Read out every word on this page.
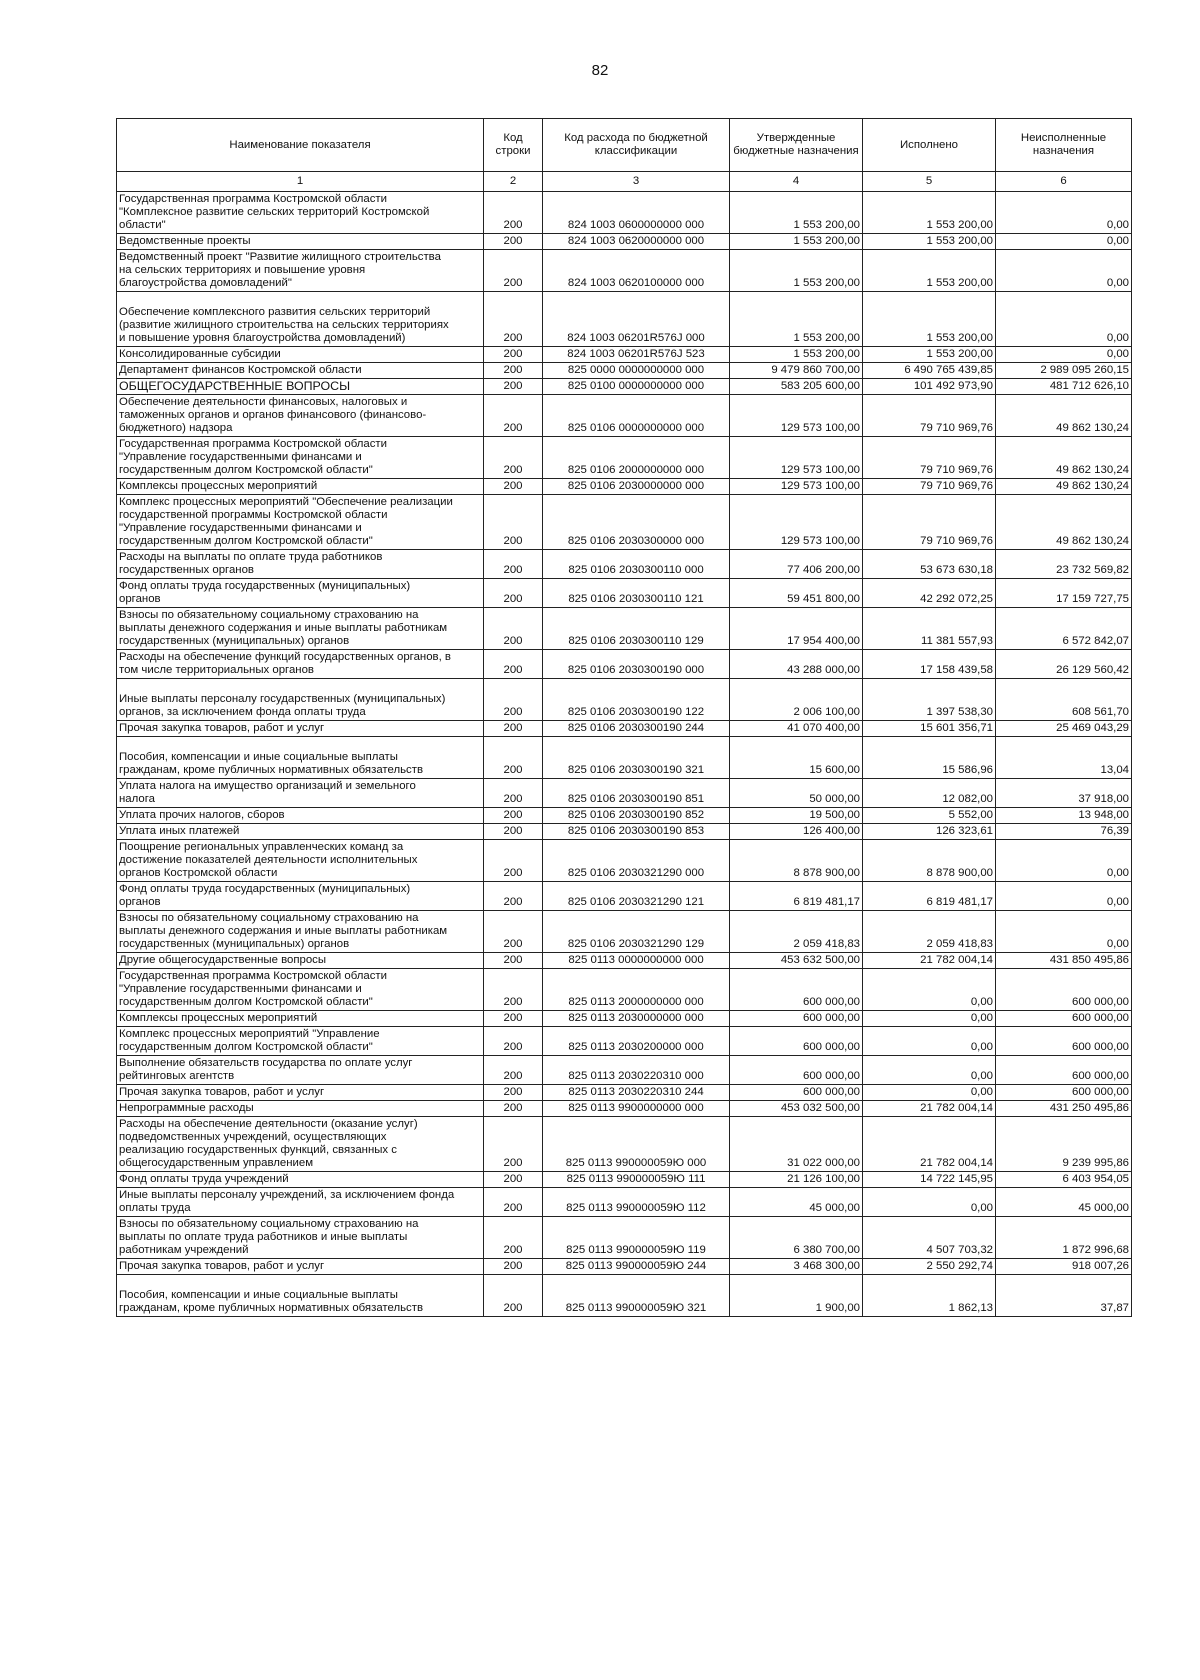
82
Наименование показателя	Код строки	Код расхода по бюджетной классификации	Утвержденные бюджетные назначения	Исполнено	Неисполненные назначения
1	2	3	4	5	6
Государственная программа Костромской области
"Комплексное развитие сельских территорий Костромской
области"	200	824 1003 0600000000 000	1 553 200,00	1 553 200,00	0,00
Ведомственные проекты	200	824 1003 0620000000 000	1 553 200,00	1 553 200,00	0,00
Ведомственный проект "Развитие жилищного строительства
на сельских территориях и повышение уровня
благоустройства домовладений"	200	824 1003 0620100000 000	1 553 200,00	1 553 200,00	0,00

Обеспечение комплексного развития сельских территорий
(развитие жилищного строительства на сельских территориях
и повышение уровня благоустройства домовладений)	200	824 1003 06201R576J 000	1 553 200,00	1 553 200,00	0,00
Консолидированные субсидии	200	824 1003 06201R576J 523	1 553 200,00	1 553 200,00	0,00
Департамент финансов Костромской области	200	825 0000 0000000000 000	9 479 860 700,00	6 490 765 439,85	2 989 095 260,15
ОБЩЕГОСУДАРСТВЕННЫЕ ВОПРОСЫ	200	825 0100 0000000000 000	583 205 600,00	101 492 973,90	481 712 626,10
Обеспечение деятельности финансовых, налоговых и
таможенных органов и органов финансового (финансово-
бюджетного) надзора	200	825 0106 0000000000 000	129 573 100,00	79 710 969,76	49 862 130,24
Государственная программа Костромской области
"Управление государственными финансами и
государственным долгом Костромской области"	200	825 0106 2000000000 000	129 573 100,00	79 710 969,76	49 862 130,24
Комплексы процессных мероприятий	200	825 0106 2030000000 000	129 573 100,00	79 710 969,76	49 862 130,24
Комплекс процессных мероприятий "Обеспечение реализации
государственной программы Костромской области
"Управление государственными финансами и
государственным долгом Костромской области"	200	825 0106 2030300000 000	129 573 100,00	79 710 969,76	49 862 130,24
Расходы на выплаты по оплате труда работников
государственных органов	200	825 0106 2030300110 000	77 406 200,00	53 673 630,18	23 732 569,82
Фонд оплаты труда государственных (муниципальных)
органов	200	825 0106 2030300110 121	59 451 800,00	42 292 072,25	17 159 727,75
Взносы по обязательному социальному страхованию на
выплаты денежного содержания и иные выплаты работникам
государственных (муниципальных) органов	200	825 0106 2030300110 129	17 954 400,00	11 381 557,93	6 572 842,07
Расходы на обеспечение функций государственных органов, в
том числе территориальных органов	200	825 0106 2030300190 000	43 288 000,00	17 158 439,58	26 129 560,42

Иные выплаты персоналу государственных (муниципальных)
органов, за исключением фонда оплаты труда	200	825 0106 2030300190 122	2 006 100,00	1 397 538,30	608 561,70
Прочая закупка товаров, работ и услуг	200	825 0106 2030300190 244	41 070 400,00	15 601 356,71	25 469 043,29

Пособия, компенсации и иные социальные выплаты
гражданам, кроме публичных нормативных обязательств	200	825 0106 2030300190 321	15 600,00	15 586,96	13,04
Уплата налога на имущество организаций и земельного
налога	200	825 0106 2030300190 851	50 000,00	12 082,00	37 918,00
Уплата прочих налогов, сборов	200	825 0106 2030300190 852	19 500,00	5 552,00	13 948,00
Уплата иных платежей	200	825 0106 2030300190 853	126 400,00	126 323,61	76,39
Поощрение региональных управленческих команд за
достижение показателей деятельности исполнительных
органов Костромской области	200	825 0106 2030321290 000	8 878 900,00	8 878 900,00	0,00
Фонд оплаты труда государственных (муниципальных)
органов	200	825 0106 2030321290 121	6 819 481,17	6 819 481,17	0,00
Взносы по обязательному социальному страхованию на
выплаты денежного содержания и иные выплаты работникам
государственных (муниципальных) органов	200	825 0106 2030321290 129	2 059 418,83	2 059 418,83	0,00
Другие общегосударственные вопросы	200	825 0113 0000000000 000	453 632 500,00	21 782 004,14	431 850 495,86
Государственная программа Костромской области
"Управление государственными финансами и
государственным долгом Костромской области"	200	825 0113 2000000000 000	600 000,00	0,00	600 000,00
Комплексы процессных мероприятий	200	825 0113 2030000000 000	600 000,00	0,00	600 000,00
Комплекс процессных мероприятий "Управление
государственным долгом Костромской области"	200	825 0113 2030200000 000	600 000,00	0,00	600 000,00
Выполнение обязательств государства по оплате услуг
рейтинговых агентств	200	825 0113 2030220310 000	600 000,00	0,00	600 000,00
Прочая закупка товаров, работ и услуг	200	825 0113 2030220310 244	600 000,00	0,00	600 000,00
Непрограммные расходы	200	825 0113 9900000000 000	453 032 500,00	21 782 004,14	431 250 495,86
Расходы на обеспечение деятельности (оказание услуг)
подведомственных учреждений, осуществляющих
реализацию государственных функций, связанных с
общегосударственным управлением	200	825 0113 990000059Ю 000	31 022 000,00	21 782 004,14	9 239 995,86
Фонд оплаты труда учреждений	200	825 0113 990000059Ю 111	21 126 100,00	14 722 145,95	6 403 954,05
Иные выплаты персоналу учреждений, за исключением фонда
оплаты труда	200	825 0113 990000059Ю 112	45 000,00	0,00	45 000,00
Взносы по обязательному социальному страхованию на
выплаты по оплате труда работников и иные выплаты
работникам учреждений	200	825 0113 990000059Ю 119	6 380 700,00	4 507 703,32	1 872 996,68
Прочая закупка товаров, работ и услуг	200	825 0113 990000059Ю 244	3 468 300,00	2 550 292,74	918 007,26

Пособия, компенсации и иные социальные выплаты
гражданам, кроме публичных нормативных обязательств	200	825 0113 990000059Ю 321	1 900,00	1 862,13	37,87
